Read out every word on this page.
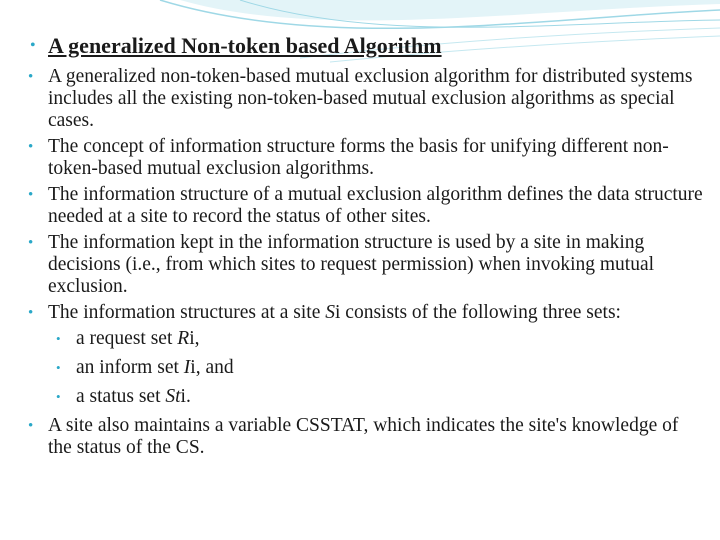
• A generalized Non-token based Algorithm
• A generalized non-token-based mutual exclusion algorithm for distributed systems includes all the existing non-token-based mutual exclusion algorithms as special cases.
• The concept of information structure forms the basis for unifying different non-token-based mutual exclusion algorithms.
• The information structure of a mutual exclusion algorithm defines the data structure needed at a site to record the status of other sites.
• The information kept in the information structure is used by a site in making decisions (i.e., from which sites to request permission) when invoking mutual exclusion.
• The information structures at a site Si consists of the following three sets:
• a request set Ri,
• an inform set Ii, and
• a status set Sti.
• A site also maintains a variable CSSTAT, which indicates the site's knowledge of the status of the CS.
